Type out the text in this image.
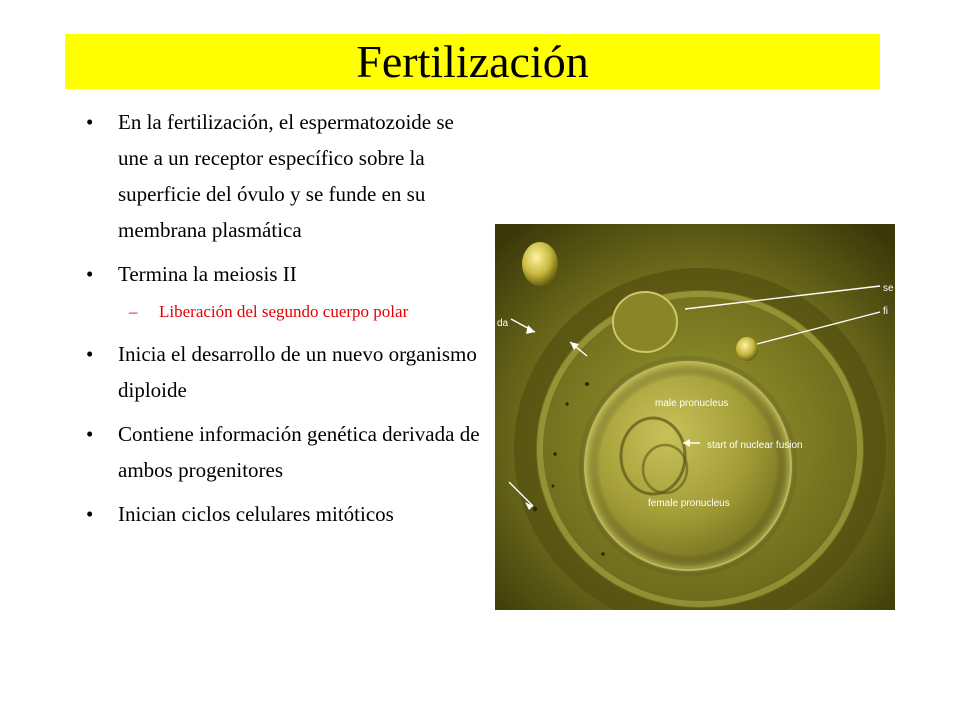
Fertilización
• En la fertilización, el espermatozoide se une a un receptor específico sobre la superficie del óvulo y se funde en su membrana plasmática
• Termina la meiosis II
– Liberación del segundo cuerpo polar
• Inicia el desarrollo de un nuevo organismo diploide
• Contiene información genética derivada de ambos progenitores
• Inician ciclos celulares mitóticos
se
fi
da
male pronucleus
start of nuclear fusion
female pronucleus
